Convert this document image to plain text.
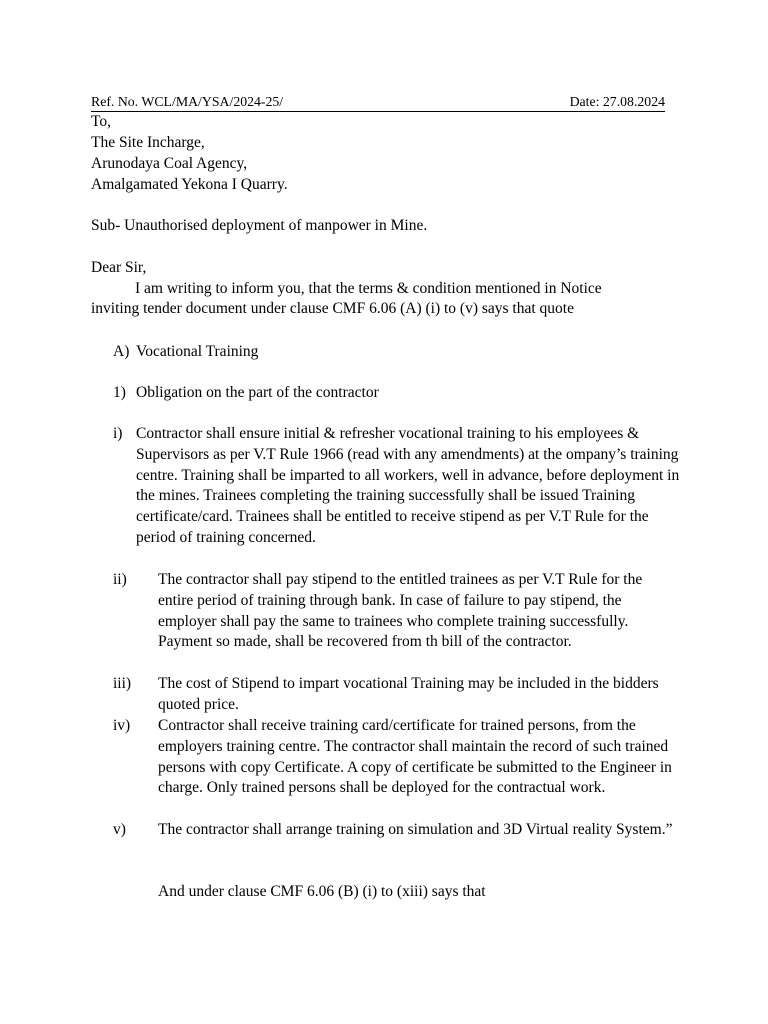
Ref. No. WCL/MA/YSA/2024-25/	Date: 27.08.2024
To,
The Site Incharge,
Arunodaya Coal Agency,
Amalgamated Yekona I Quarry.
Sub- Unauthorised deployment of manpower in Mine.
Dear Sir,
I am writing to inform you, that the terms & condition mentioned in Notice
inviting tender document under clause CMF 6.06 (A) (i) to (v) says that quote
A) Vocational Training
1) Obligation on the part of the contractor
i) Contractor shall ensure initial & refresher vocational training to his employees & Supervisors as per V.T Rule 1966 (read with any amendments) at the ompany’s training centre. Training shall be imparted to all workers, well in advance, before deployment in the mines. Trainees completing the training successfully shall be issued Training certificate/card. Trainees shall be entitled to receive stipend as per V.T Rule for the period of training concerned.
ii) The contractor shall pay stipend to the entitled trainees as per V.T Rule for the entire period of training through bank. In case of failure to pay stipend, the employer shall pay the same to trainees who complete training successfully. Payment so made, shall be recovered from th bill of the contractor.
iii) The cost of Stipend to impart vocational Training may be included in the bidders quoted price.
iv) Contractor shall receive training card/certificate for trained persons, from the employers training centre. The contractor shall maintain the record of such trained persons with copy Certificate. A copy of certificate be submitted to the Engineer in charge. Only trained persons shall be deployed for the contractual work.
v) The contractor shall arrange training on simulation and 3D Virtual reality System.”
And under clause CMF 6.06 (B) (i) to (xiii) says that
